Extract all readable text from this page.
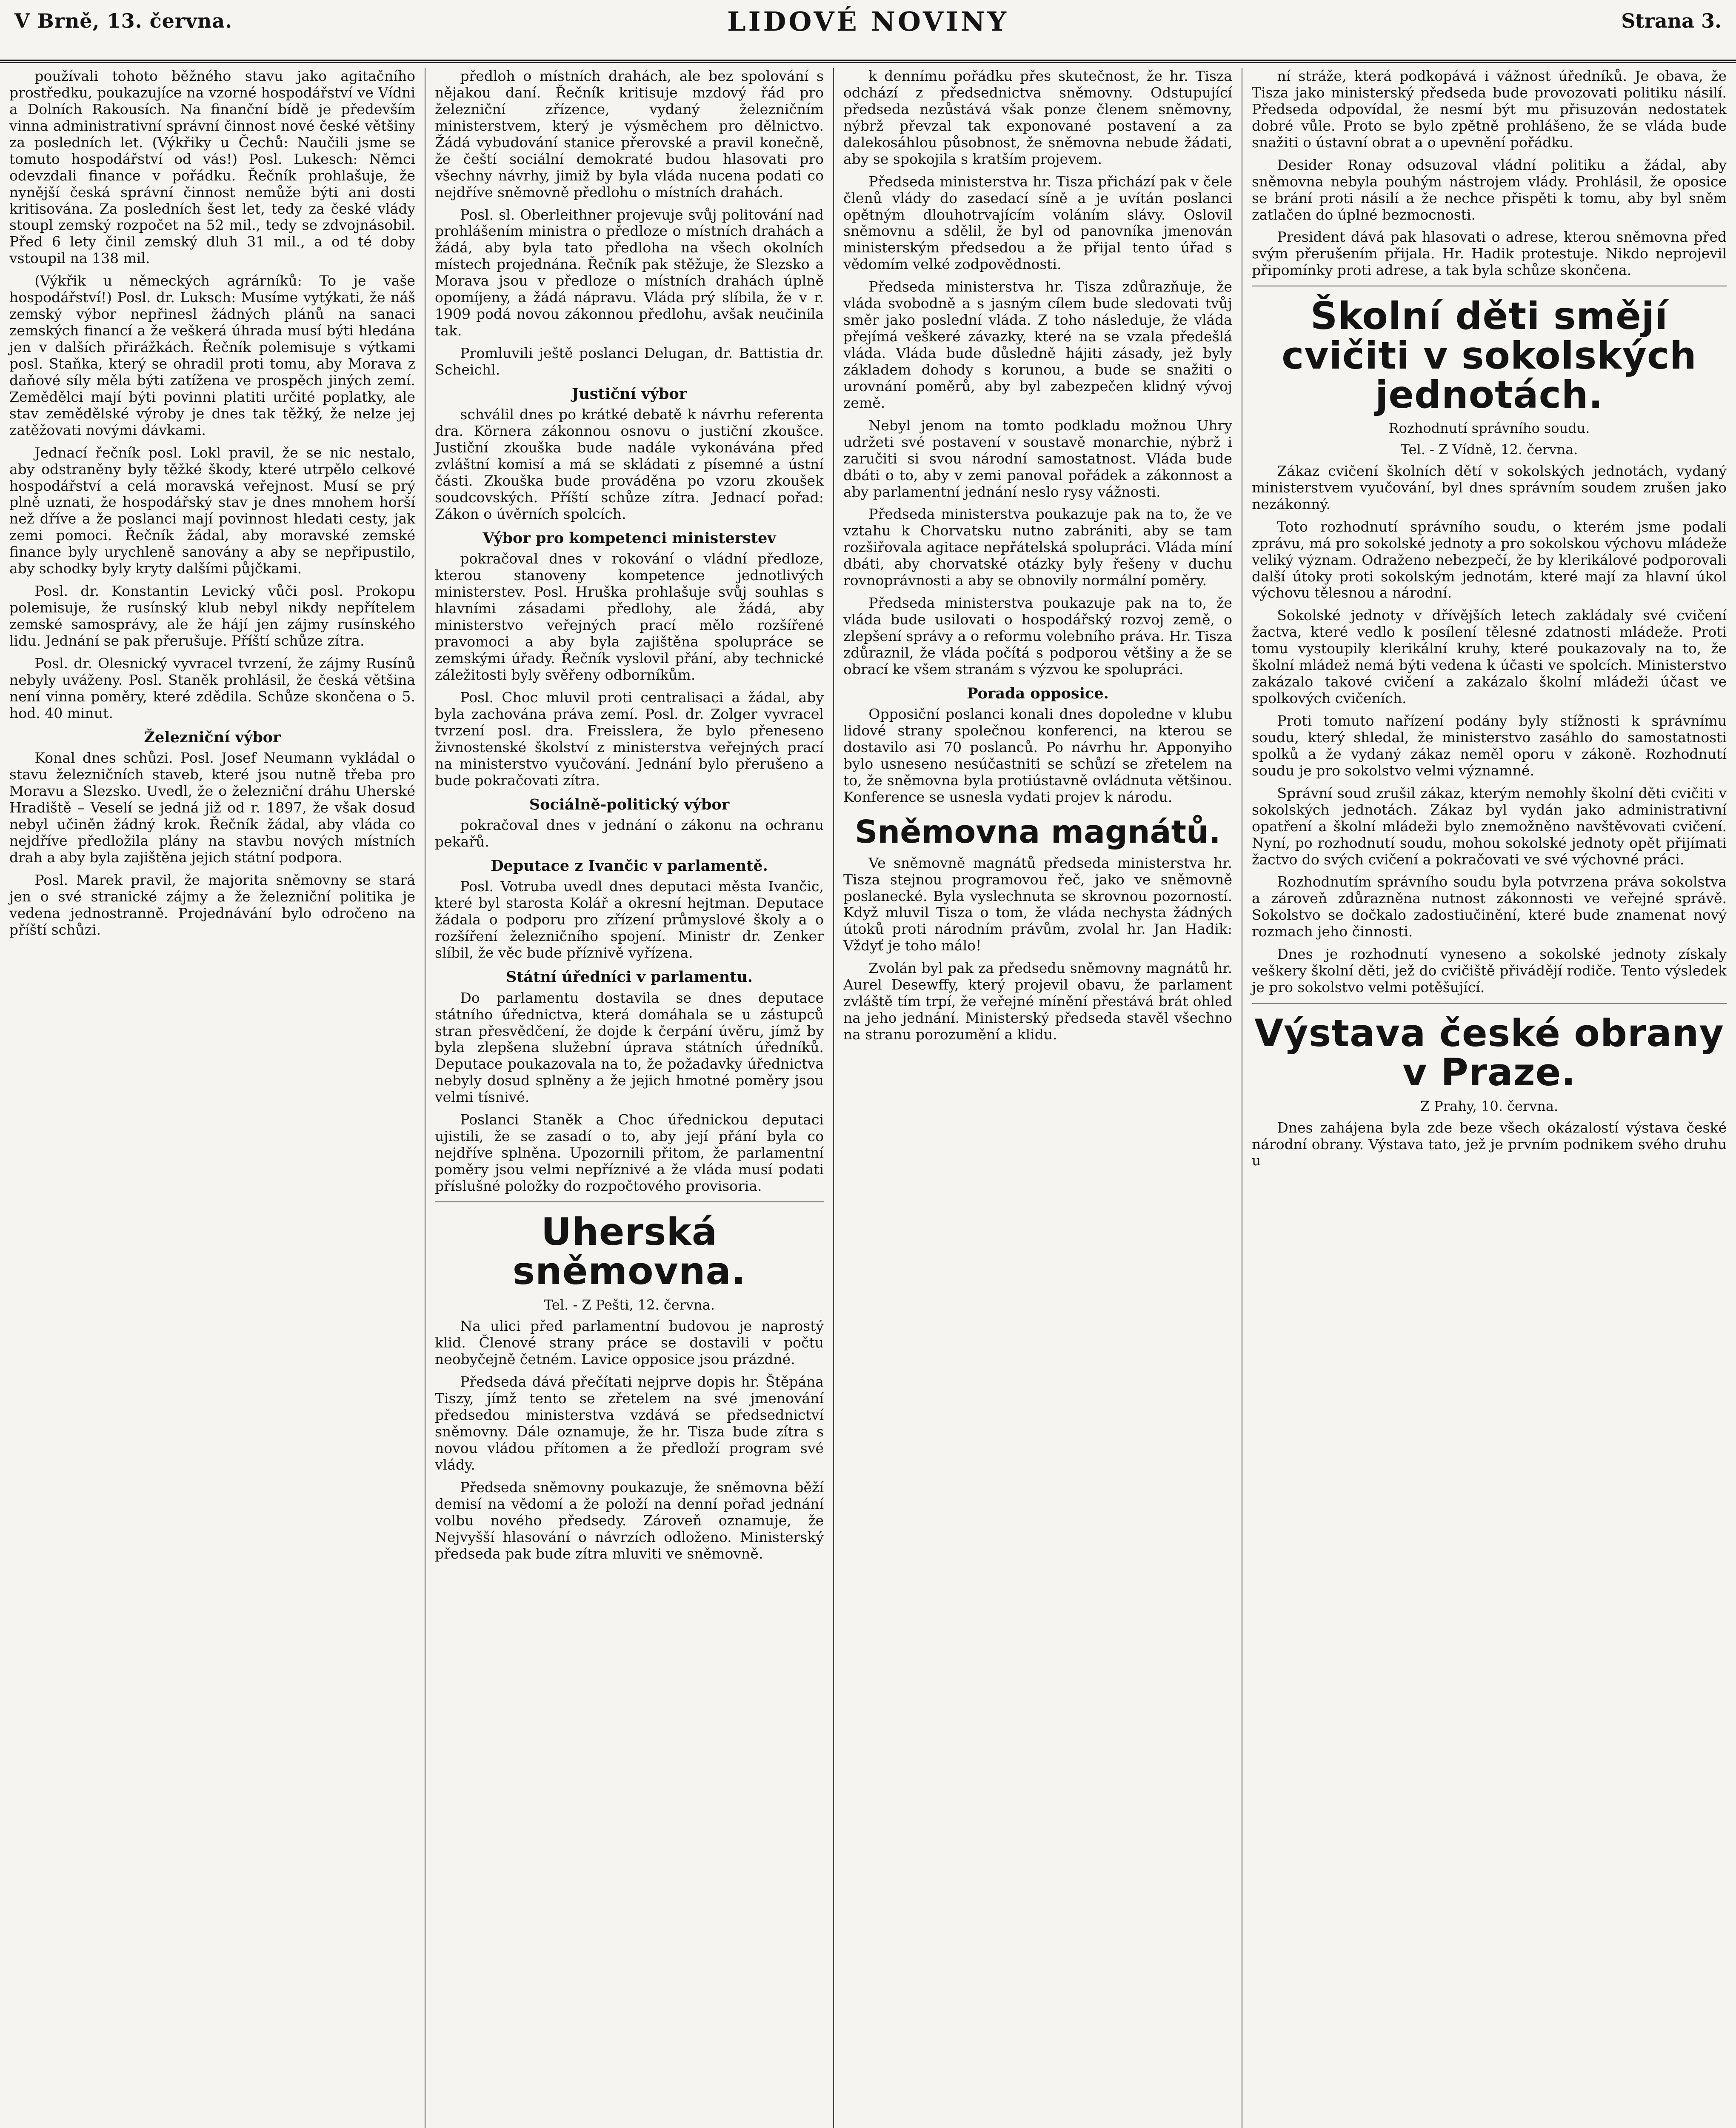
V Brně, 13. června.	LIDOVÉ NOVINY	Strana 3.

používali tohoto běžného stavu jako agitačního prostředku, poukazujíce na vzorné hospodářství ve Vídni a Dolních Rakousích. Na finanční bídě je především vinna administrativní správní činnost nové české většiny za posledních let. (Výkřiky u Čechů: Naučili jsme se tomuto hospodářství od vás!) Posl. Lukesch: Němci odevzdali finance v pořádku. Řečník prohlašuje, že nynější česká správní činnost nemůže býti ani dosti kritisována. Za posledních šest let, tedy za české vlády stoupl zemský rozpočet na 52 mil., tedy se zdvojnásobil. Před 6 lety činil zemský dluh 31 mil., a od té doby vstoupil na 138 mil.

(Výkřik u německých agrárníků: To je vaše hospodářství!) Posl. dr. Luksch: Musíme vytýkati, že náš zemský výbor nepřinesl žádných plánů na sanaci zemských financí a že veškerá úhrada musí býti hledána jen v dalších přirážkách. Řečník polemisuje s výtkami posl. Staňka, který se ohradil proti tomu, aby Morava z daňové síly měla býti zatížena ve prospěch jiných zemí. Zemědělci mají býti povinni platiti určité poplatky, ale stav zemědělské výroby je dnes tak těžký, že nelze jej zatěžovati novými dávkami.

Jednací řečník posl. Lokl pravil, že se nic nestalo, aby odstraněny byly těžké škody, které utrpělo celkové hospodářství a celá moravská veřejnost. Musí se prý plně uznati, že hospodářský stav je dnes mnohem horší než dříve a že poslanci mají povinnost hledati cesty, jak zemi pomoci. Řečník žádal, aby moravské zemské finance byly urychleně sanovány a aby se nepřipustilo, aby schodky byly kryty dalšími půjčkami.

Posl. dr. Konstantin Levický vůči posl. Prokopu polemisuje, že rusínský klub nebyl nikdy nepřítelem zemské samosprávy, ale že hájí jen zájmy rusínského lidu. Jednání se pak přerušuje. Příští schůze zítra.

Posl. dr. Olesnický vyvracel tvrzení, že zájmy Rusínů nebyly uváženy. Posl. Staněk prohlásil, že česká většina není vinna poměry, které zdědila. Schůze skončena o 5. hod. 40 minut.

Železniční výbor

Konal dnes schůzi. Posl. Josef Neumann vykládal o stavu železničních staveb, které jsou nutně třeba pro Moravu a Slezsko. Uvedl, že o železniční dráhu Uherské Hradiště – Veselí se jedná již od r. 1897, že však dosud nebyl učiněn žádný krok. Řečník žádal, aby vláda co nejdříve předložila plány na stavbu nových místních drah a aby byla zajištěna jejich státní podpora.

Posl. Marek pravil, že majorita sněmovny se stará jen o své stranické zájmy a že železniční politika je vedena jednostranně. Projednávání bylo odročeno na příští schůzi.

předloh o místních drahách, ale bez spolování s nějakou daní. Řečník kritisuje mzdový řád pro železniční zřízence, vydaný železničním ministerstvem, který je výsměchem pro dělnictvo. Žádá vybudování stanice přerovské a pravil konečně, že čeští sociální demokraté budou hlasovati pro všechny návrhy, jimiž by byla vláda nucena podati co nejdříve sněmovně předlohu o místních drahách.

Posl. sl. Oberleithner projevuje svůj politování nad prohlášením ministra o předloze o místních drahách a žádá, aby byla tato předloha na všech okolních místech projednána. Řečník pak stěžuje, že Slezsko a Morava jsou v předloze o místních drahách úplně opomíjeny, a žádá nápravu. Vláda prý slíbila, že v r. 1909 podá novou zákonnou předlohu, avšak neučinila tak.

Promluvili ještě poslanci Delugan, dr. Battistia dr. Scheichl.

Justiční výbor

schválil dnes po krátké debatě k návrhu referenta dra. Körnera zákonnou osnovu o justiční zkoušce. Justiční zkouška bude nadále vykonávána před zvláštní komisí a má se skládati z písemné a ústní části. Zkouška bude prováděna po vzoru zkoušek soudcovských. Příští schůze zítra. Jednací pořad: Zákon o úvěrních spolcích.

Výbor pro kompetenci ministerstev

pokračoval dnes v rokování o vládní předloze, kterou stanoveny kompetence jednotlivých ministerstev. Posl. Hruška prohlašuje svůj souhlas s hlavními zásadami předlohy, ale žádá, aby ministerstvo veřejných prací mělo rozšířené pravomoci a aby byla zajištěna spolupráce se zemskými úřady. Řečník vyslovil přání, aby technické záležitosti byly svěřeny odborníkům.

Posl. Choc mluvil proti centralisaci a žádal, aby byla zachována práva zemí. Posl. dr. Zolger vyvracel tvrzení posl. dra. Freisslera, že bylo přeneseno živnostenské školství z ministerstva veřejných prací na ministerstvo vyučování. Jednání bylo přerušeno a bude pokračovati zítra.

Sociálně-politický výbor

pokračoval dnes v jednání o zákonu na ochranu pekařů.

Deputace z Ivančic v parlamentě.

Posl. Votruba uvedl dnes deputaci města Ivančic, které byl starosta Kolář a okresní hejtman. Deputace žádala o podporu pro zřízení průmyslové školy a o rozšíření železničního spojení. Ministr dr. Zenker slíbil, že věc bude příznivě vyřízena.

Státní úředníci v parlamentu.

Do parlamentu dostavila se dnes deputace státního úřednictva, která domáhala se u zástupců stran přesvědčení, že dojde k čerpání úvěru, jímž by byla zlepšena služební úprava státních úředníků. Deputace poukazovala na to, že požadavky úřednictva nebyly dosud splněny a že jejich hmotné poměry jsou velmi tísnivé.

Poslanci Staněk a Choc úřednickou deputaci ujistili, že se zasadí o to, aby její přání byla co nejdříve splněna. Upozornili přitom, že parlamentní poměry jsou velmi nepříznivé a že vláda musí podati příslušné položky do rozpočtového provisoria.

Uherská sněmovna.
Tel. - Z Pešti, 12. června.

Na ulici před parlamentní budovou je naprostý klid. Členové strany práce se dostavili v počtu neobyčejně četném. Lavice opposice jsou prázdné.

Předseda dává přečítati nejprve dopis hr. Štěpána Tiszy, jímž tento se zřetelem na své jmenování předsedou ministerstva vzdává se předsednictví sněmovny. Dále oznamuje, že hr. Tisza bude zítra s novou vládou přítomen a že předloží program své vlády.

Předseda sněmovny poukazuje, že sněmovna běží demisí na vědomí a že položí na denní pořad jednání volbu nového předsedy. Zároveň oznamuje, že Nejvyšší hlasování o návrzích odloženo. Ministerský předseda pak bude zítra mluviti ve sněmovně.

k dennímu pořádku přes skutečnost, že hr. Tisza odchází z předsednictva sněmovny. Odstupující předseda nezůstává však ponze členem sněmovny, nýbrž převzal tak exponované postavení a za dalekosáhlou působnost, že sněmovna nebude žádati, aby se spokojila s kratším projevem.

Předseda ministerstva hr. Tisza přichází pak v čele členů vlády do zasedací síně a je uvítán poslanci opětným dlouhotrvajícím voláním slávy. Oslovil sněmovnu a sdělil, že byl od panovníka jmenován ministerským předsedou a že přijal tento úřad s vědomím velké zodpovědnosti.

Předseda ministerstva hr. Tisza zdůrazňuje, že vláda svobodně a s jasným cílem bude sledovati tvůj směr jako poslední vláda. Z toho následuje, že vláda přejímá veškeré závazky, které na se vzala předešlá vláda. Vláda bude důsledně hájiti zásady, jež byly základem dohody s korunou, a bude se snažiti o urovnání poměrů, aby byl zabezpečen klidný vývoj země.

Nebyl jenom na tomto podkladu možnou Uhry udržeti své postavení v soustavě monarchie, nýbrž i zaručiti si svou národní samostatnost. Vláda bude dbáti o to, aby v zemi panoval pořádek a zákonnost a aby parlamentní jednání neslo rysy vážnosti.

Předseda ministerstva poukazuje pak na to, že ve vztahu k Chorvatsku nutno zabrániti, aby se tam rozšiřovala agitace nepřátelská spolupráci. Vláda míní dbáti, aby chorvatské otázky byly řešeny v duchu rovnoprávnosti a aby se obnovily normální poměry.

Předseda ministerstva poukazuje pak na to, že vláda bude usilovati o hospodářský rozvoj země, o zlepšení správy a o reformu volebního práva. Hr. Tisza zdůraznil, že vláda počítá s podporou většiny a že se obrací ke všem stranám s výzvou ke spolupráci.

Porada opposice.

Opposiční poslanci konali dnes dopoledne v klubu lidové strany společnou konferenci, na kterou se dostavilo asi 70 poslanců. Po návrhu hr. Apponyiho bylo usneseno nesúčastniti se schůzí se zřetelem na to, že sněmovna byla protiústavně ovládnuta většinou. Konference se usnesla vydati projev k národu.

Sněmovna magnátů.

Ve sněmovně magnátů předseda ministerstva hr. Tisza stejnou programovou řeč, jako ve sněmovně poslanecké. Byla vyslechnuta se skrovnou pozorností. Když mluvil Tisza o tom, že vláda nechysta žádných útoků proti národním právům, zvolal hr. Jan Hadik: Vždyť je toho málo!

Zvolán byl pak za předsedu sněmovny magnátů hr. Aurel Desewffy, který projevil obavu, že parlament zvláště tím trpí, že veřejné mínění přestává brát ohled na jeho jednání. Ministerský předseda stavěl všechno na stranu porozumění a klidu.

ní stráže, která podkopává i vážnost úředníků. Je obava, že Tisza jako ministerský předseda bude provozovati politiku násilí. Předseda odpovídal, že nesmí být mu přisuzován nedostatek dobré vůle. Proto se bylo zpětně prohlášeno, že se vláda bude snažiti o ústavní obrat a o upevnění pořádku.

Desider Ronay odsuzoval vládní politiku a žádal, aby sněmovna nebyla pouhým nástrojem vlády. Prohlásil, že oposice se brání proti násilí a že nechce přispěti k tomu, aby byl sněm zatlačen do úplné bezmocnosti.

President dává pak hlasovati o adrese, kterou sněmovna před svým přerušením přijala. Hr. Hadik protestuje. Nikdo neprojevil připomínky proti adrese, a tak byla schůze skončena.

Školní děti smějí cvičiti v sokolských jednotách.
Rozhodnutí správního soudu.
Tel. - Z Vídně, 12. června.

Zákaz cvičení školních dětí v sokolských jednotách, vydaný ministerstvem vyučování, byl dnes správním soudem zrušen jako nezákonný.

Toto rozhodnutí správního soudu, o kterém jsme podali zprávu, má pro sokolské jednoty a pro sokolskou výchovu mládeže veliký význam. Odraženo nebezpečí, že by klerikálové podporovali další útoky proti sokolským jednotám, které mají za hlavní úkol výchovu tělesnou a národní.

Sokolské jednoty v dřívějších letech zakládaly své cvičení žactva, které vedlo k posílení tělesné zdatnosti mládeže. Proti tomu vystoupily klerikální kruhy, které poukazovaly na to, že školní mládež nemá býti vedena k účasti ve spolcích. Ministerstvo zakázalo takové cvičení a zakázalo školní mládeži účast ve spolkových cvičeních.

Proti tomuto nařízení podány byly stížnosti k správnímu soudu, který shledal, že ministerstvo zasáhlo do samostatnosti spolků a že vydaný zákaz neměl oporu v zákoně. Rozhodnutí soudu je pro sokolstvo velmi významné.

Správní soud zrušil zákaz, kterým nemohly školní děti cvičiti v sokolských jednotách. Zákaz byl vydán jako administrativní opatření a školní mládeži bylo znemožněno navštěvovati cvičení. Nyní, po rozhodnutí soudu, mohou sokolské jednoty opět přijímati žactvo do svých cvičení a pokračovati ve své výchovné práci.

Rozhodnutím správního soudu byla potvrzena práva sokolstva a zároveň zdůrazněna nutnost zákonnosti ve veřejné správě. Sokolstvo se dočkalo zadostiučinění, které bude znamenat nový rozmach jeho činnosti.

Dnes je rozhodnutí vyneseno a sokolské jednoty získaly veškery školní děti, jež do cvičiště přivádějí rodiče. Tento výsledek je pro sokolstvo velmi potěšující.

Výstava české obrany v Praze.
Z Prahy, 10. června.

Dnes zahájena byla zde beze všech okázalostí výstava české národní obrany. Výstava tato, jež je prvním podnikem svého druhu u
